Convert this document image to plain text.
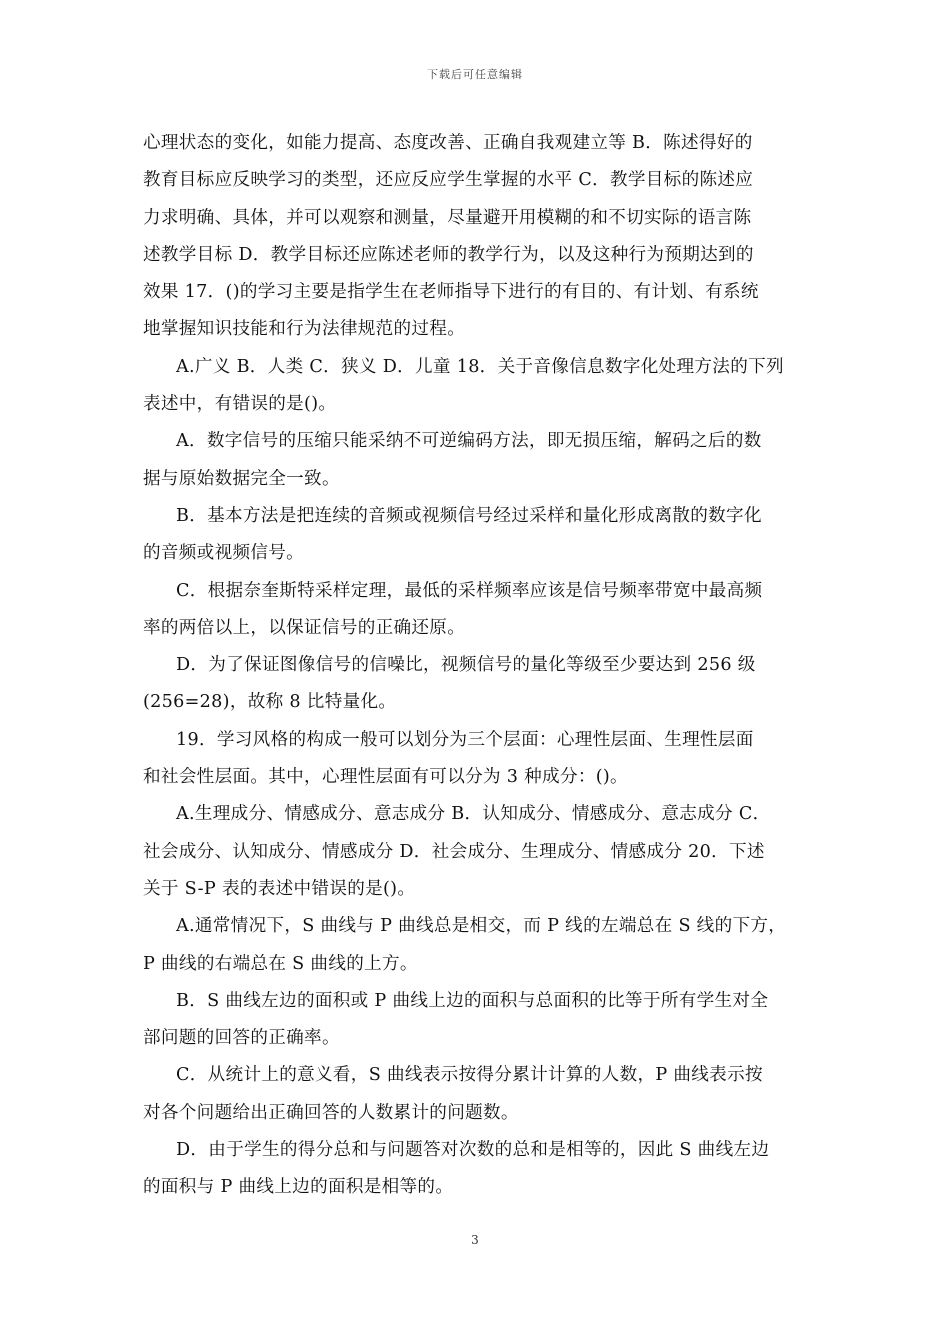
下载后可任意编辑
心理状态的变化，如能力提高、态度改善、正确自我观建立等 B．陈述得好的
教育目标应反映学习的类型，还应反应学生掌握的水平 C．教学目标的陈述应
力求明确、具体，并可以观察和测量，尽量避开用模糊的和不切实际的语言陈
述教学目标 D．教学目标还应陈述老师的教学行为，以及这种行为预期达到的
效果 17．()的学习主要是指学生在老师指导下进行的有目的、有计划、有系统
地掌握知识技能和行为法律规范的过程。
A.广义 B．人类 C．狭义 D．儿童 18．关于音像信息数字化处理方法的下列
表述中，有错误的是()。
A．数字信号的压缩只能采纳不可逆编码方法，即无损压缩，解码之后的数
据与原始数据完全一致。
B．基本方法是把连续的音频或视频信号经过采样和量化形成离散的数字化
的音频或视频信号。
C．根据奈奎斯特采样定理，最低的采样频率应该是信号频率带宽中最高频
率的两倍以上，以保证信号的正确还原。
D．为了保证图像信号的信噪比，视频信号的量化等级至少要达到 256 级
(256=28)，故称 8 比特量化。
19．学习风格的构成一般可以划分为三个层面：心理性层面、生理性层面
和社会性层面。其中，心理性层面有可以分为 3 种成分：()。
A.生理成分、情感成分、意志成分 B．认知成分、情感成分、意志成分 C．
社会成分、认知成分、情感成分 D．社会成分、生理成分、情感成分 20．下述
关于 S-P 表的表述中错误的是()。
A.通常情况下，S 曲线与 P 曲线总是相交，而 P 线的左端总在 S 线的下方，
P 曲线的右端总在 S 曲线的上方。
B．S 曲线左边的面积或 P 曲线上边的面积与总面积的比等于所有学生对全
部问题的回答的正确率。
C．从统计上的意义看，S 曲线表示按得分累计计算的人数，P 曲线表示按
对各个问题给出正确回答的人数累计的问题数。
D．由于学生的得分总和与问题答对次数的总和是相等的，因此 S 曲线左边
的面积与 P 曲线上边的面积是相等的。
3
